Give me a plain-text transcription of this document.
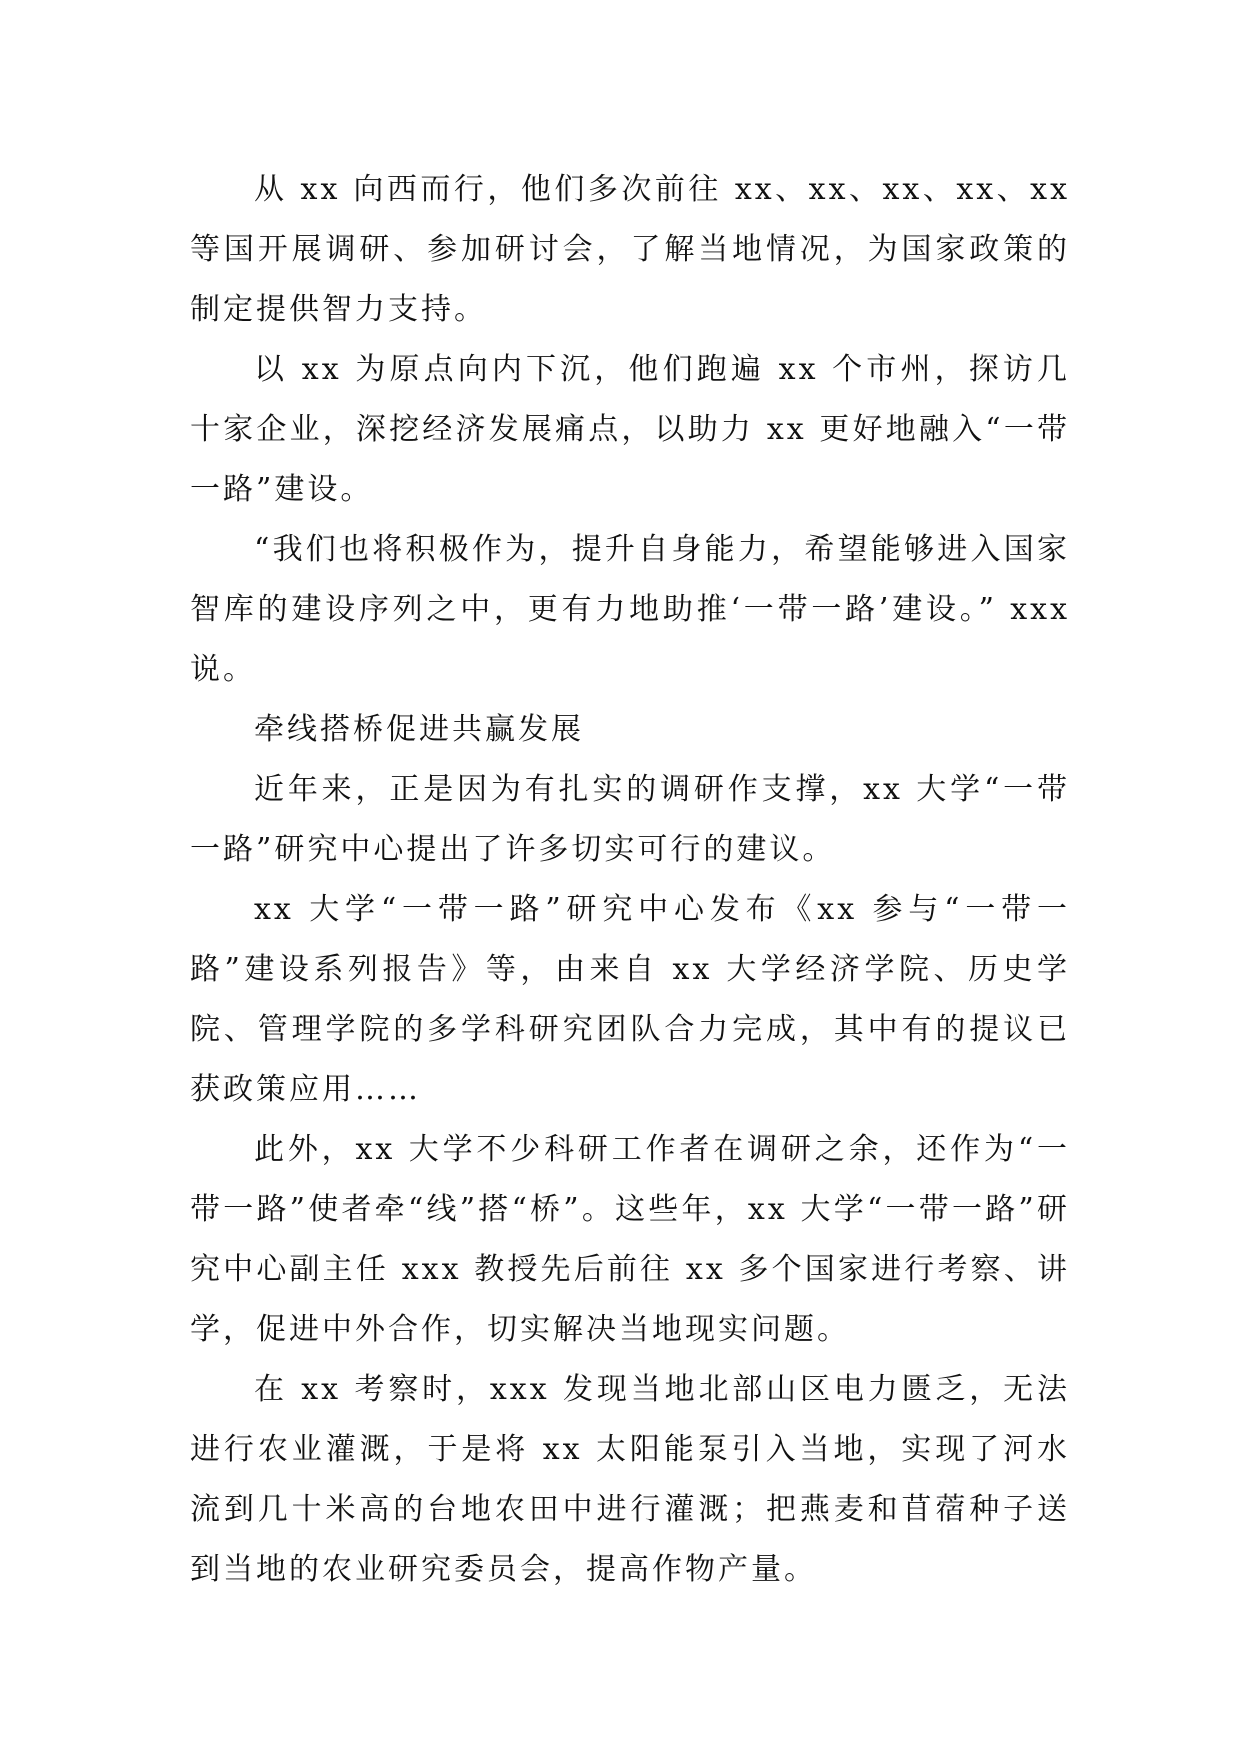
从 xx 向西而行，他们多次前往 xx、xx、xx、xx、xx 等国开展调研、参加研讨会，了解当地情况，为国家政策的制定提供智力支持。

以 xx 为原点向内下沉，他们跑遍 xx 个市州，探访几十家企业，深挖经济发展痛点，以助力 xx 更好地融入“一带一路”建设。

“我们也将积极作为，提升自身能力，希望能够进入国家智库的建设序列之中，更有力地助推‘一带一路’建设。” xxx 说。

牵线搭桥促进共赢发展

近年来，正是因为有扎实的调研作支撑，xx 大学“一带一路”研究中心提出了许多切实可行的建议。

xx 大学“一带一路”研究中心发布《xx 参与“一带一路”建设系列报告》等，由来自 xx 大学经济学院、历史学院、管理学院的多学科研究团队合力完成，其中有的提议已获政策应用……

此外，xx 大学不少科研工作者在调研之余，还作为“一带一路”使者牵“线”搭“桥”。这些年，xx 大学“一带一路”研究中心副主任 xxx 教授先后前往 xx 多个国家进行考察、讲学，促进中外合作，切实解决当地现实问题。

在 xx 考察时，xxx 发现当地北部山区电力匮乏，无法进行农业灌溉，于是将 xx 太阳能泵引入当地，实现了河水流到几十米高的台地农田中进行灌溉；把燕麦和苜蓿种子送到当地的农业研究委员会，提高作物产量。
